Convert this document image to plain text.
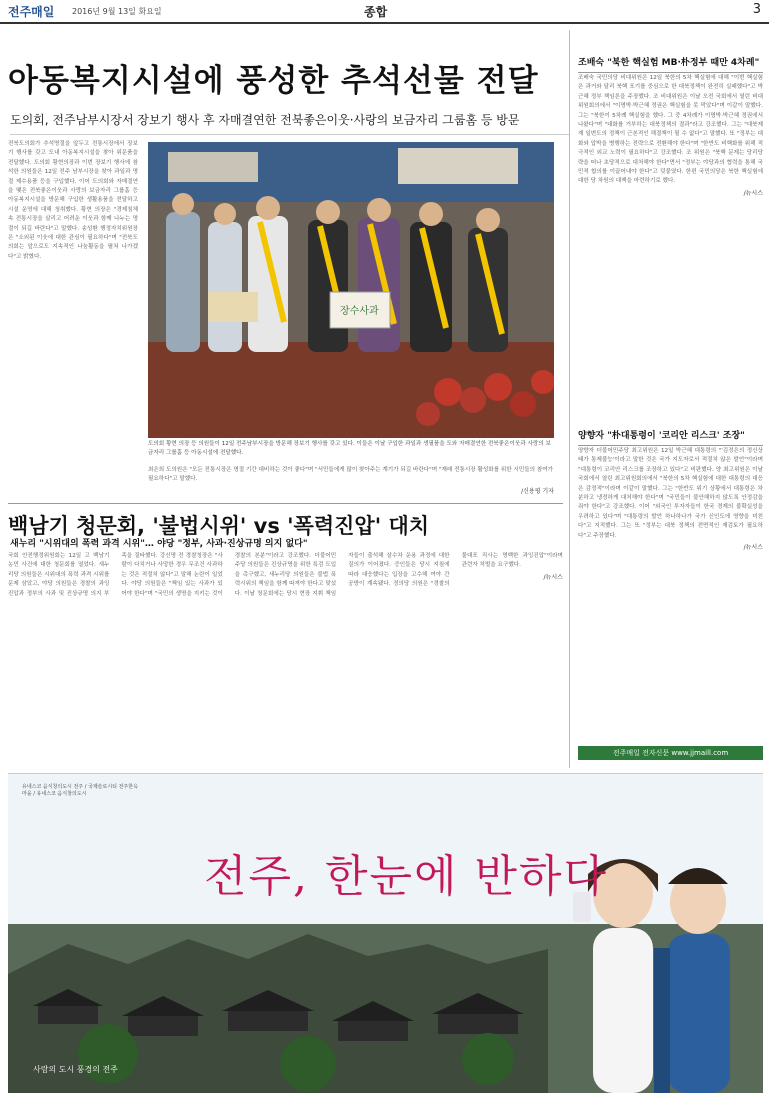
전주매일 2016년 9월 13일 화요일	종합	3
아동복지시설에 풍성한 추석선물 전달
도의회, 전주남부시장서 장보기 행사 후 자매결연한 전북좋은이웃·사랑의 보금자리 그룹홈 등 방문
전북도의회가 추석명절을 앞두고 전통시장에서 장보기 행사를 갖고 도내 아동복지시설을 찾아 위문품을 전달했다. 도의회 황현의장과 이번 장보기 행사에 참석한 의원들은 12일 전주 남부시장을 찾아 과일과 명절 제수용품 등을 구입했다. 이어 도의회와 자매결연을 맺은 전북좋은이웃과 사랑의 보금자리 그룹홈 등 아동복지시설을 방문해 구입한 생활용품을 전달하고 시설 운영에 대해 청취했다. 황현 의장은 "경제침체 속 전통시장을 살리고 어려운 이웃과 함께 나누는 명절이 되길 바란다"고 말했다. 송성환 행정자치위원장은 "소외된 이웃에 대한 관심이 필요하다"며 "전북도의회는 앞으로도 지속적인 나눔활동을 펼쳐 나가겠다"고 밝혔다.
장수사과
도의회 황현 의장 등 의원들이 12일 전주남부시장을 방문해 장보기 행사를 갖고 있다. 이들은 이날 구입한 과일과 생필품을 도와 자매결연한 전북좋은이웃과 사랑의 보금자리 그룹홈 등 아동시설에 전달했다.
최은희 도의원은 "모든 전통시장은 명절 기간 대비하는 것이 좋다"며 "서민들에게 많이 찾아주는 계기가 되길 바란다"며 "재래 전통시장 활성화를 위한 시민들의 참여가 필요하다"고 말했다.
/신용평 기자
백남기 청문회, '불법시위' vs '폭력진압' 대치
새누리 "시위대의 폭력 과격 시위"… 야당 "정부, 사과·진상규명 의지 없다"
국회 안전행정위원회는 12일 고 백남기 농민 사건에 대한 청문회를 열었다. 새누리당 의원들은 시위대의 폭력 과격 시위를 문제 삼았고, 야당 의원들은 경찰의 과잉진압과 정부의 사과 및 진상규명 의지 부족을 질타했다. 강신명 전 경찰청장은 "사람이 다치거나 사망한 경우 무조건 사과하는 것은 적절치 않다"고 말해 논란이 일었다. 야당 의원들은 "책임 있는 사과가 있어야 한다"며 "국민의 생명을 지키는 것이 경찰의 본분"이라고 강조했다. 더불어민주당 의원들은 진상규명을 위한 특검 도입을 촉구했고, 새누리당 의원들은 불법 폭력시위의 책임을 함께 따져야 한다고 맞섰다. 이날 청문회에는 당시 현장 지휘 책임자들이 출석해 살수차 운용 과정에 대한 질의가 이어졌다. 증인들은 당시 지침에 따라 대응했다는 입장을 고수해 여야 간 공방이 계속됐다. 정의당 의원은 "경찰의 물대포 직사는 명백한 과잉진압"이라며 관련자 처벌을 요구했다.
/뉴시스
조배숙 "북한 핵실험 MB·朴정부 때만 4차례"
조배숙 국민의당 비대위원은 12일 북한의 5차 핵실험에 대해 "이번 핵실험은 과거와 달리 북핵 포기를 중심으로 한 대북정책이 완전히 실패했다"고 박근혜 정부 책임론을 주장했다. 조 비대위원은 이날 오전 국회에서 열린 비대위원회의에서 "이명박·박근혜 정권은 핵실험을 못 막았다"며 이같이 말했다. 그는 "북한이 5차례 핵실험을 했다. 그 중 4차례가 이명박·박근혜 정권에서 나왔다"며 "대화를 거부하는 대북정책의 결과"라고 강조했다. 그는 "대북제재 일변도의 정책이 근본적인 해결책이 될 수 없다"고 말했다. 또 "정부는 대화와 압박을 병행하는 전략으로 전환해야 한다"며 "한반도 비핵화를 위해 적극적인 외교 노력이 필요하다"고 강조했다. 조 위원은 "북핵 문제는 당리당략을 떠나 초당적으로 대처해야 한다"면서 "정부는 야당과의 협력을 통해 국민적 합의를 이끌어내야 한다"고 덧붙였다. 한편 국민의당은 북한 핵실험에 대한 당 차원의 대책을 마련하기로 했다.
/뉴시스
양향자 "朴대통령이 '코리안 리스크' 조장"
양향자 더불어민주당 최고위원은 12일 박근혜 대통령의 "'김정은의 정신상태가 통제불능'이라고 말한 것은 국가 지도자로서 적절치 않은 발언"이라며 "대통령이 코리안 리스크를 조장하고 있다"고 비판했다. 양 최고위원은 이날 국회에서 열린 최고위원회의에서 "북한의 5차 핵실험에 대한 대통령의 대응은 감정적"이라며 이같이 말했다. 그는 "한반도 위기 상황에서 대통령은 차분하고 냉정하게 대처해야 한다"며 "국민들이 불안해하지 않도록 안정감을 줘야 한다"고 강조했다. 이어 "외국인 투자자들이 한국 경제의 불확실성을 우려하고 있다"며 "대통령의 발언 하나하나가 국가 신인도에 영향을 미친다"고 지적했다. 그는 또 "정부는 대북 정책의 전면적인 재검토가 필요하다"고 주장했다.
/뉴시스
전주매일 전자신문 www.jjmaill.com
유네스코 음식창의도시 전주 / 국제슬로시티 전주한옥마을 / 유네스코 음식창의도시
전주, 한눈에 반하다
사람의 도시 풍경의 전주
